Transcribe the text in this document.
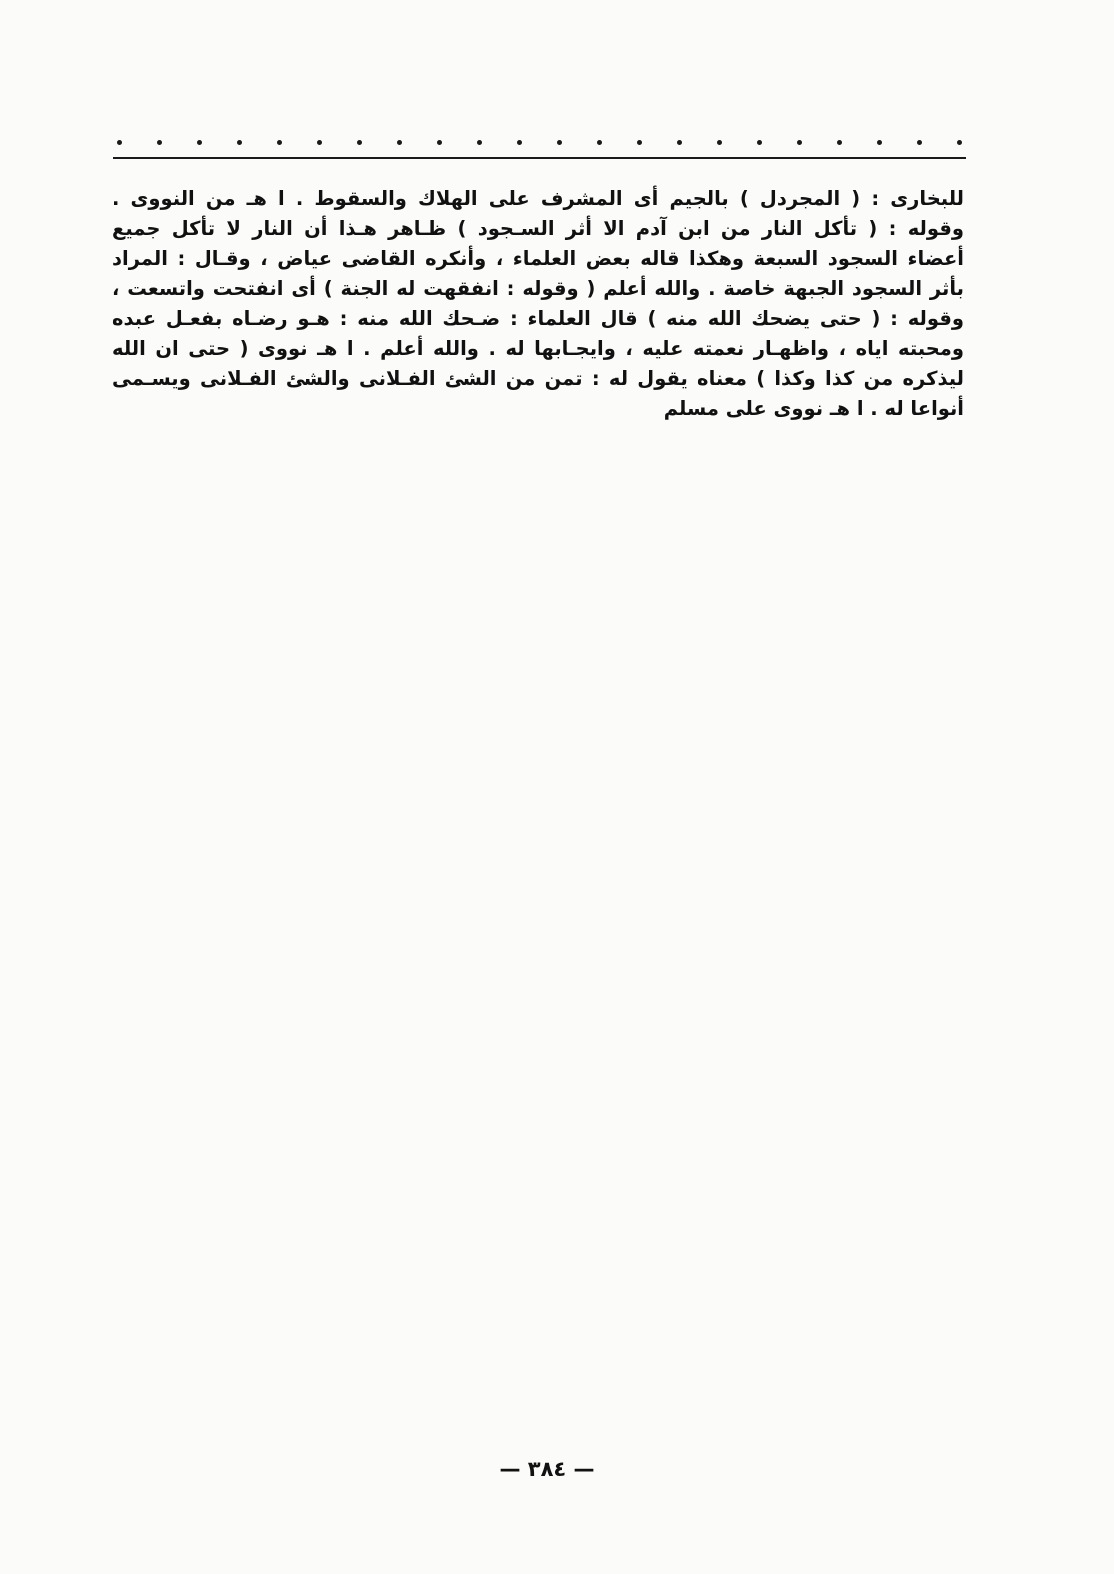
للبخارى : ( المجردل ) بالجيم أى المشرف على الهلاك والسقوط . ا هـ من النووى .
وقوله : ( تأكل النار من ابن آدم الا أثر السـجود ) ظـاهر هـذا أن النار لا تأكل جميع
أعضاء السجود السبعة وهكذا قاله بعض العلماء ، وأنكره القاضى عياض ، وقـال : المراد
بأثر السجود الجبهة خاصة . والله أعلم ( وقوله : انفقهت له الجنة ) أى انفتحت واتسعت ،
وقوله : ( حتى يضحك الله منه ) قال العلماء : ضـحك الله منه : هـو رضـاه بفعـل عبده
ومحبته اياه ، واظهـار نعمته عليه ، وايجـابها له . والله أعلم . ا هـ نووى ( حتى ان الله
ليذكره من كذا وكذا ) معناه يقول له : تمن من الشئ الفـلانى والشئ الفـلانى ويسـمى
أنواعا له . ا هـ نووى على مسلم
— ٣٨٤ —
